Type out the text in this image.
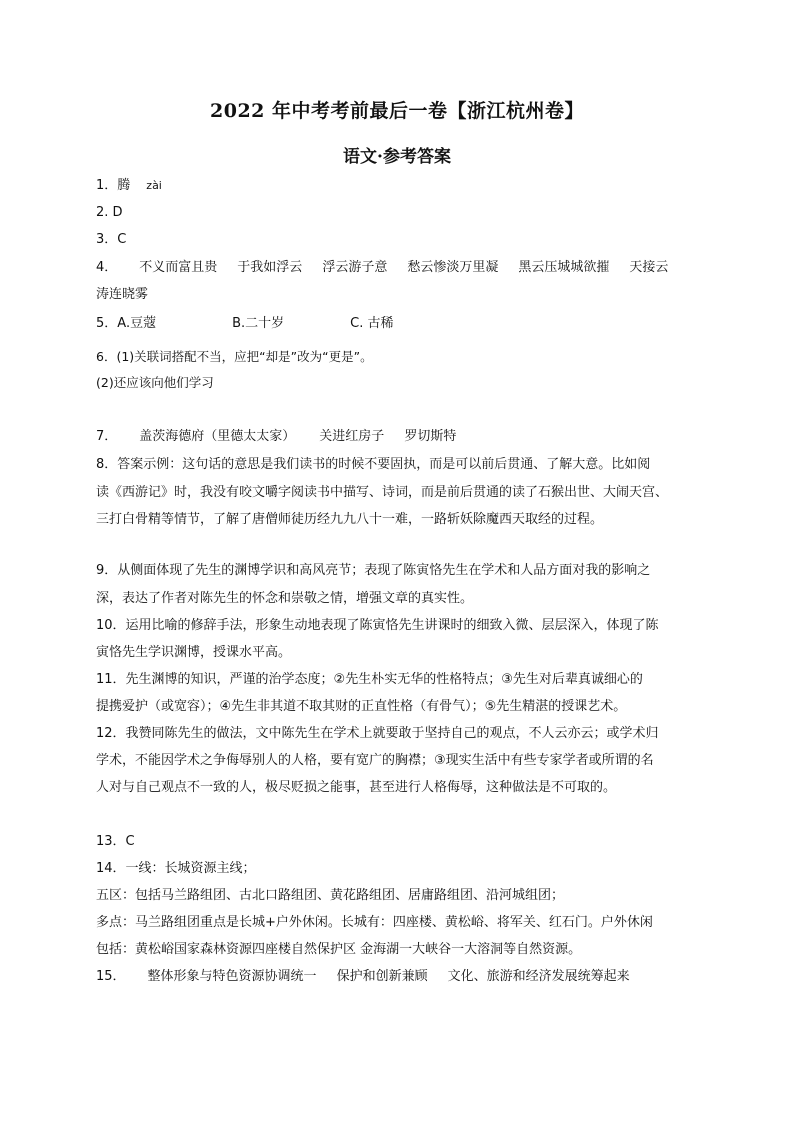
2022 年中考考前最后一卷【浙江杭州卷】
语文·参考答案
1．腾 zài
2. D
3．C
4． 不义而富且贵 于我如浮云 浮云游子意 愁云惨淡万里凝 黑云压城城欲摧 天接云
涛连晓雾
5．A.豆蔻	B.二十岁	C. 古稀
6．(1)关联词搭配不当，应把“却是”改为“更是”。
(2)还应该向他们学习
7． 盖茨海德府（里德太太家） 关进红房子 罗切斯特
8．答案示例：这句话的意思是我们读书的时候不要固执，而是可以前后贯通、了解大意。比如阅
读《西游记》时，我没有咬文嚼字阅读书中描写、诗词，而是前后贯通的读了石猴出世、大闹天宫、
三打白骨精等情节，了解了唐僧师徒历经九九八十一难，一路斩妖除魔西天取经的过程。
9．从侧面体现了先生的渊博学识和高风亮节；表现了陈寅恪先生在学术和人品方面对我的影响之
深，表达了作者对陈先生的怀念和崇敬之情，增强文章的真实性。
10．运用比喻的修辞手法，形象生动地表现了陈寅恪先生讲课时的细致入微、层层深入，体现了陈
寅恪先生学识渊博，授课水平高。
11．先生渊博的知识，严谨的治学态度；②先生朴实无华的性格特点；③先生对后辈真诚细心的
提携爱护（或宽容）；④先生非其道不取其财的正直性格（有骨气）；⑤先生精湛的授课艺术。
12．我赞同陈先生的做法，文中陈先生在学术上就要敢于坚持自己的观点，不人云亦云；或学术归
学术，不能因学术之争侮辱别人的人格，要有宽广的胸襟；③现实生活中有些专家学者或所谓的名
人对与自己观点不一致的人，极尽贬损之能事，甚至进行人格侮辱，这种做法是不可取的。
13．C
14．一线：长城资源主线；
五区：包括马兰路组团、古北口路组团、黄花路组团、居庸路组团、沿河城组团；
多点：马兰路组团重点是长城+户外休闲。长城有：四座楼、黄松峪、将军关、红石门。户外休闲
包括：黄松峪国家森林资源四座楼自然保护区 金海湖一大峡谷一大溶洞等自然资源。
15． 整体形象与特色资源协调统一 保护和创新兼顾 文化、旅游和经济发展统筹起来
